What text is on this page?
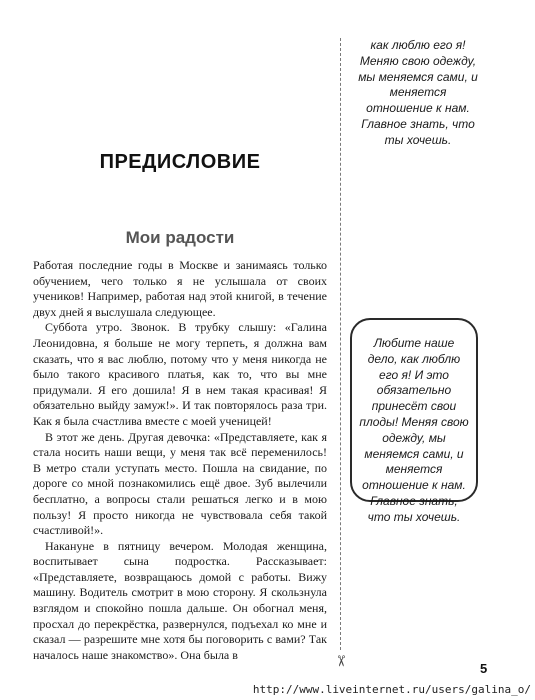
✂
ПРЕДИСЛОВИЕ
Мои радости

Работая последние годы в Москве и занимаясь только обучением, чего только я не услышала от своих учеников! Например, работая над этой книгой, в течение двух дней я выслушала следующее.

Суббота утро. Звонок. В трубку слышу: «Галина Леонидовна, я больше не могу терпеть, я должна вам сказать, что я вас люблю, потому что у меня никогда не было такого красивого платья, как то, что вы мне придумали. Я его дошила! Я в нем такая красивая! Я обязательно выйду замуж!». И так повторялось раза три. Как я была счастлива вместе с моей ученицей!

В этот же день. Другая девочка: «Представляете, как я стала носить наши вещи, у меня так всё переменилось! В метро стали уступать место. Пошла на свидание, по дороге со мной познакомились ещё двое. Зуб вылечили бесплатно, а вопросы стали решаться легко и в мою пользу! Я просто никогда не чувствовала себя такой счастливой!».

Накануне в пятницу вечером. Молодая женщина, воспитывает сына подростка. Рассказывает: «Представляете, возвращаюсь домой с работы. Вижу машину. Водитель смотрит в мою сторону. Я скользнула взглядом и спокойно пошла дальше. Он обогнал меня, просхал до перекрёстка, развернулся, подъехал ко мне и сказал — разрешите мне хотя бы поговорить с вами? Так началось наше знакомство». Она была в

как люблю его я! Меняю свою одежду, мы меняемся сами, и меняется отношение к нам. Главное знать, что ты хочешь.
Любите наше дело, как люблю его я! И это обязательно принесёт свои плоды! Меняя свою одежду, мы меняемся сами, и меняется отношение к нам. Главное знать, что ты хочешь.
5
http://www.liveinternet.ru/users/galina_o/
